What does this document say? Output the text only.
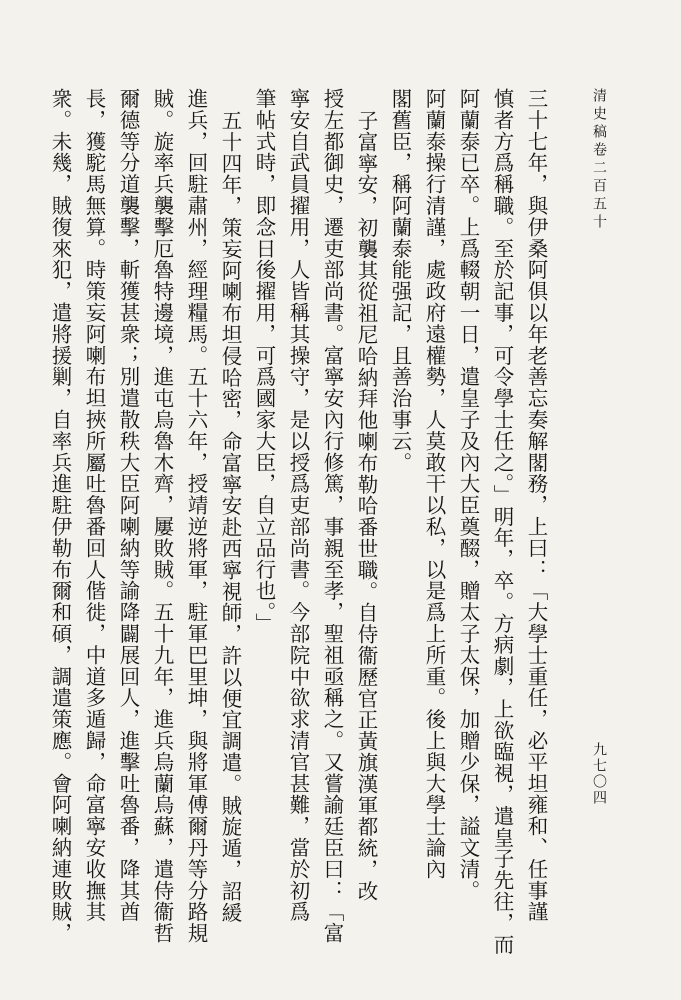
清史稿卷二百五十
三十七年，與伊桑阿俱以年老善忘奏解閣務，上曰：「大學士重任，必平坦雍和、任事謹
慎者方爲稱職。至於記事，可令學士任之。」明年，卒。方病劇，上欲臨視，遣皇子先往，而
阿蘭泰已卒。上爲輟朝一日，遣皇子及內大臣奠醊，贈太子太保，加贈少保，謚文清。
阿蘭泰操行清謹，處政府遠權勢，人莫敢干以私，以是爲上所重。後上與大學士論內
閣舊臣，稱阿蘭泰能强記，且善治事云。
子富寧安，初襲其從祖尼哈納拜他喇布勒哈番世職。自侍衞歷官正黃旗漢軍都統，改
授左都御史，遷吏部尚書。富寧安內行修篤，事親至孝，聖祖亟稱之。又嘗諭廷臣曰：「富
寧安自武員擢用，人皆稱其操守，是以授爲吏部尚書。今部院中欲求清官甚難，當於初爲
筆帖式時，即念日後擢用，可爲國家大臣，自立品行也。」
五十四年，策妄阿喇布坦侵哈密，命富寧安赴西寧視師，許以便宜調遣。賊旋遁，詔緩
進兵，回駐肅州，經理糧馬。五十六年，授靖逆將軍，駐軍巴里坤，與將軍傅爾丹等分路規
賊。旋率兵襲擊厄魯特邊境，進屯烏魯木齊，屢敗賊。五十九年，進兵烏蘭烏蘇，遣侍衞哲
爾德等分道襲擊，斬獲甚衆；別遣散秩大臣阿喇納等諭降闢展回人，進擊吐魯番，降其酋
長，獲駝馬無算。時策妄阿喇布坦挾所屬吐魯番回人偕徙，中道多遁歸，命富寧安收撫其
衆。未幾，賊復來犯，遣將援剿，自率兵進駐伊勒布爾和碩，調遣策應。會阿喇納連敗賊，	九七〇四
